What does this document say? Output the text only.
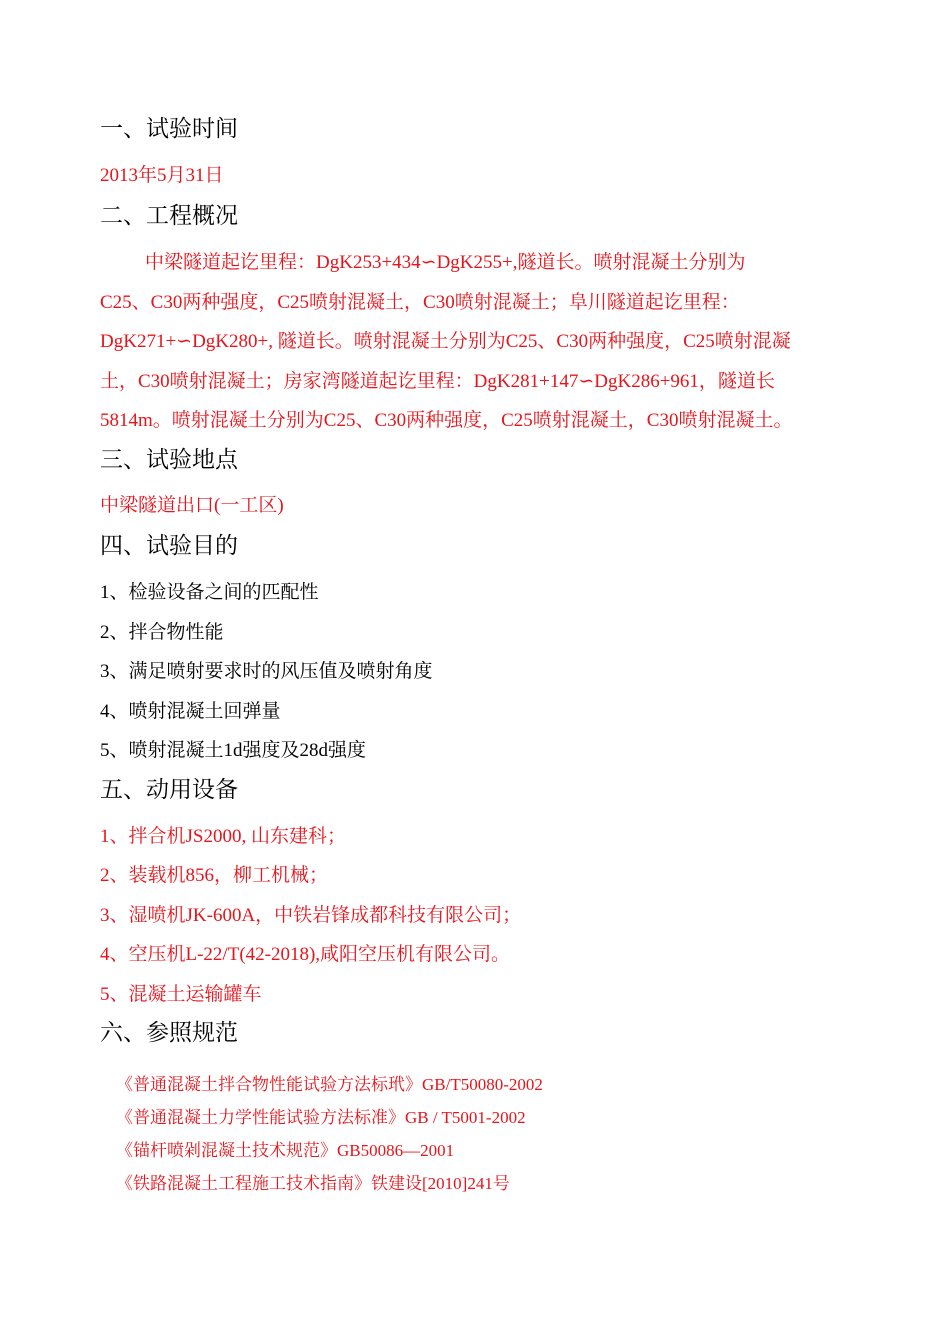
一、试验时间
2013年5月31日
二、工程概况
中梁隧道起讫里程：DgK253+434∽DgK255+,隧道长。喷射混凝土分别为
C25、C30两种强度，C25喷射混凝土，C30喷射混凝土；阜川隧道起讫里程：
DgK271+∽DgK280+, 隧道长。喷射混凝土分别为C25、C30两种强度，C25喷射混凝
土，C30喷射混凝土；房家湾隧道起讫里程：DgK281+147∽DgK286+961，隧道长
5814m。喷射混凝土分别为C25、C30两种强度，C25喷射混凝土，C30喷射混凝土。
三、试验地点
中梁隧道出口(一工区)
四、试验目的
1、检验设备之间的匹配性
2、拌合物性能
3、满足喷射要求时的风压值及喷射角度
4、喷射混凝土回弹量
5、喷射混凝土1d强度及28d强度
五、动用设备
1、拌合机JS2000, 山东建科；
2、装载机856，柳工机械；
3、湿喷机JK-600A，中铁岩锋成都科技有限公司；
4、空压机L-22/T(42-2018),咸阳空压机有限公司。
5、混凝土运输罐车
六、参照规范
《普通混凝土拌合物性能试验方法标玳》GB/T50080-2002
《普通混凝土力学性能试验方法标准》GB / T5001-2002
《锚杆喷剁混凝土技术规范》GB50086—2001
《铁路混凝土工程施工技术指南》铁建设[2010]241号
